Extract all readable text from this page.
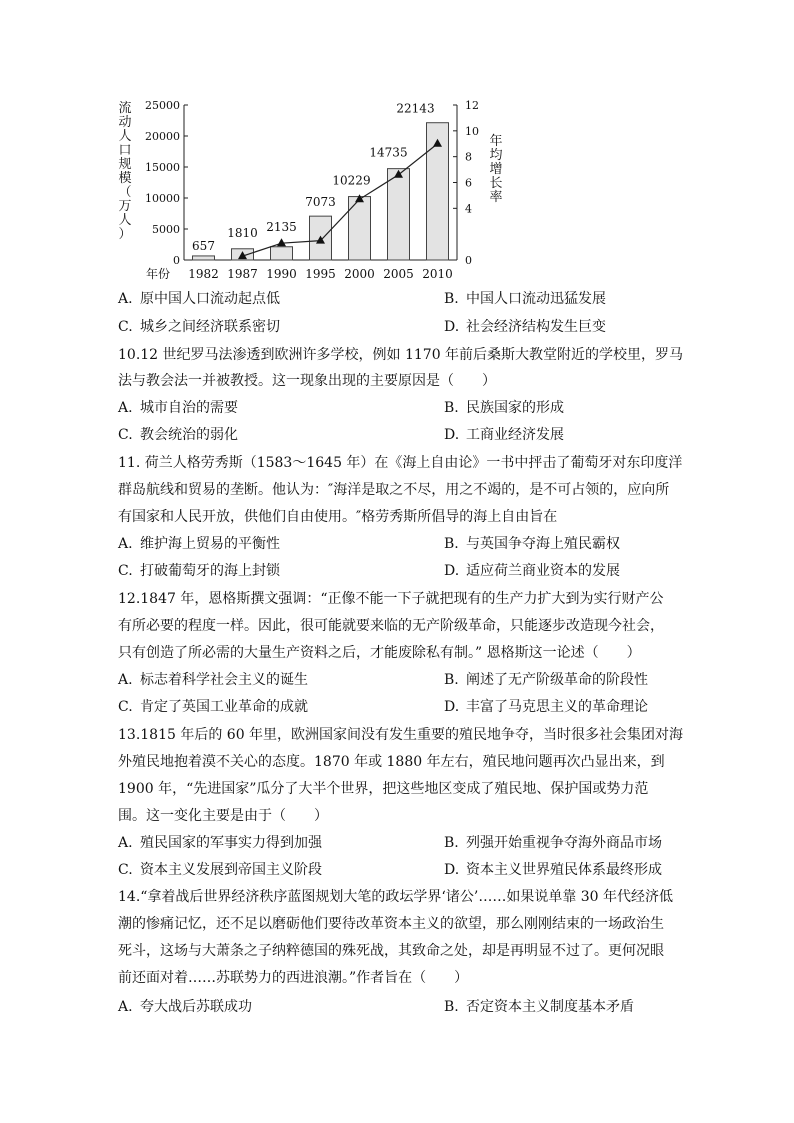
流
动
人
口
规
模
（
万
人
）
年
均
增
长
率
0
5000
10000
15000
20000
25000
0
4
6
8
10
12
年份 1982 1987 1990 1995 2000 2005 2010
657
1810 2135
7073
10229
14735
22143
A. 原中国人口流动起点低	B. 中国人口流动迅猛发展
C. 城乡之间经济联系密切	D. 社会经济结构发生巨变
10.12 世纪罗马法渗透到欧洲许多学校，例如 1170 年前后桑斯大教堂附近的学校里，罗马
法与教会法一并被教授。这一现象出现的主要原因是（　　）
A. 城市自治的需要	B. 民族国家的形成
C. 教会统治的弱化	D. 工商业经济发展
11. 荷兰人格劳秀斯（1583～1645 年）在《海上自由论》一书中抨击了葡萄牙对东印度洋
群岛航线和贸易的垄断。他认为：″海洋是取之不尽，用之不竭的，是不可占领的，应向所
有国家和人民开放，供他们自由使用。″格劳秀斯所倡导的海上自由旨在
A. 维护海上贸易的平衡性	B. 与英国争夺海上殖民霸权
C. 打破葡萄牙的海上封锁	D. 适应荷兰商业资本的发展
12.1847 年，恩格斯撰文强调：“正像不能一下子就把现有的生产力扩大到为实行财产公
有所必要的程度一样。因此，很可能就要来临的无产阶级革命，只能逐步改造现今社会，
只有创造了所必需的大量生产资料之后，才能废除私有制。” 恩格斯这一论述（　　）
A. 标志着科学社会主义的诞生	B. 阐述了无产阶级革命的阶段性
C. 肯定了英国工业革命的成就	D. 丰富了马克思主义的革命理论
13.1815 年后的 60 年里，欧洲国家间没有发生重要的殖民地争夺，当时很多社会集团对海
外殖民地抱着漠不关心的态度。1870 年或 1880 年左右，殖民地问题再次凸显出来，到
1900 年，“先进国家”瓜分了大半个世界，把这些地区变成了殖民地、保护国或势力范
围。这一变化主要是由于（　　）
A. 殖民国家的军事实力得到加强	B. 列强开始重视争夺海外商品市场
C. 资本主义发展到帝国主义阶段	D. 资本主义世界殖民体系最终形成
14.“拿着战后世界经济秩序蓝图规划大笔的政坛学界‘诸公’……如果说单靠 30 年代经济低
潮的惨痛记忆，还不足以磨砺他们要待改革资本主义的欲望，那么刚刚结束的一场政治生
死斗，这场与大萧条之子纳粹德国的殊死战，其致命之处，却是再明显不过了。更何况眼
前还面对着……苏联势力的西进浪潮。”作者旨在（　　）
A. 夸大战后苏联成功	B. 否定资本主义制度基本矛盾
